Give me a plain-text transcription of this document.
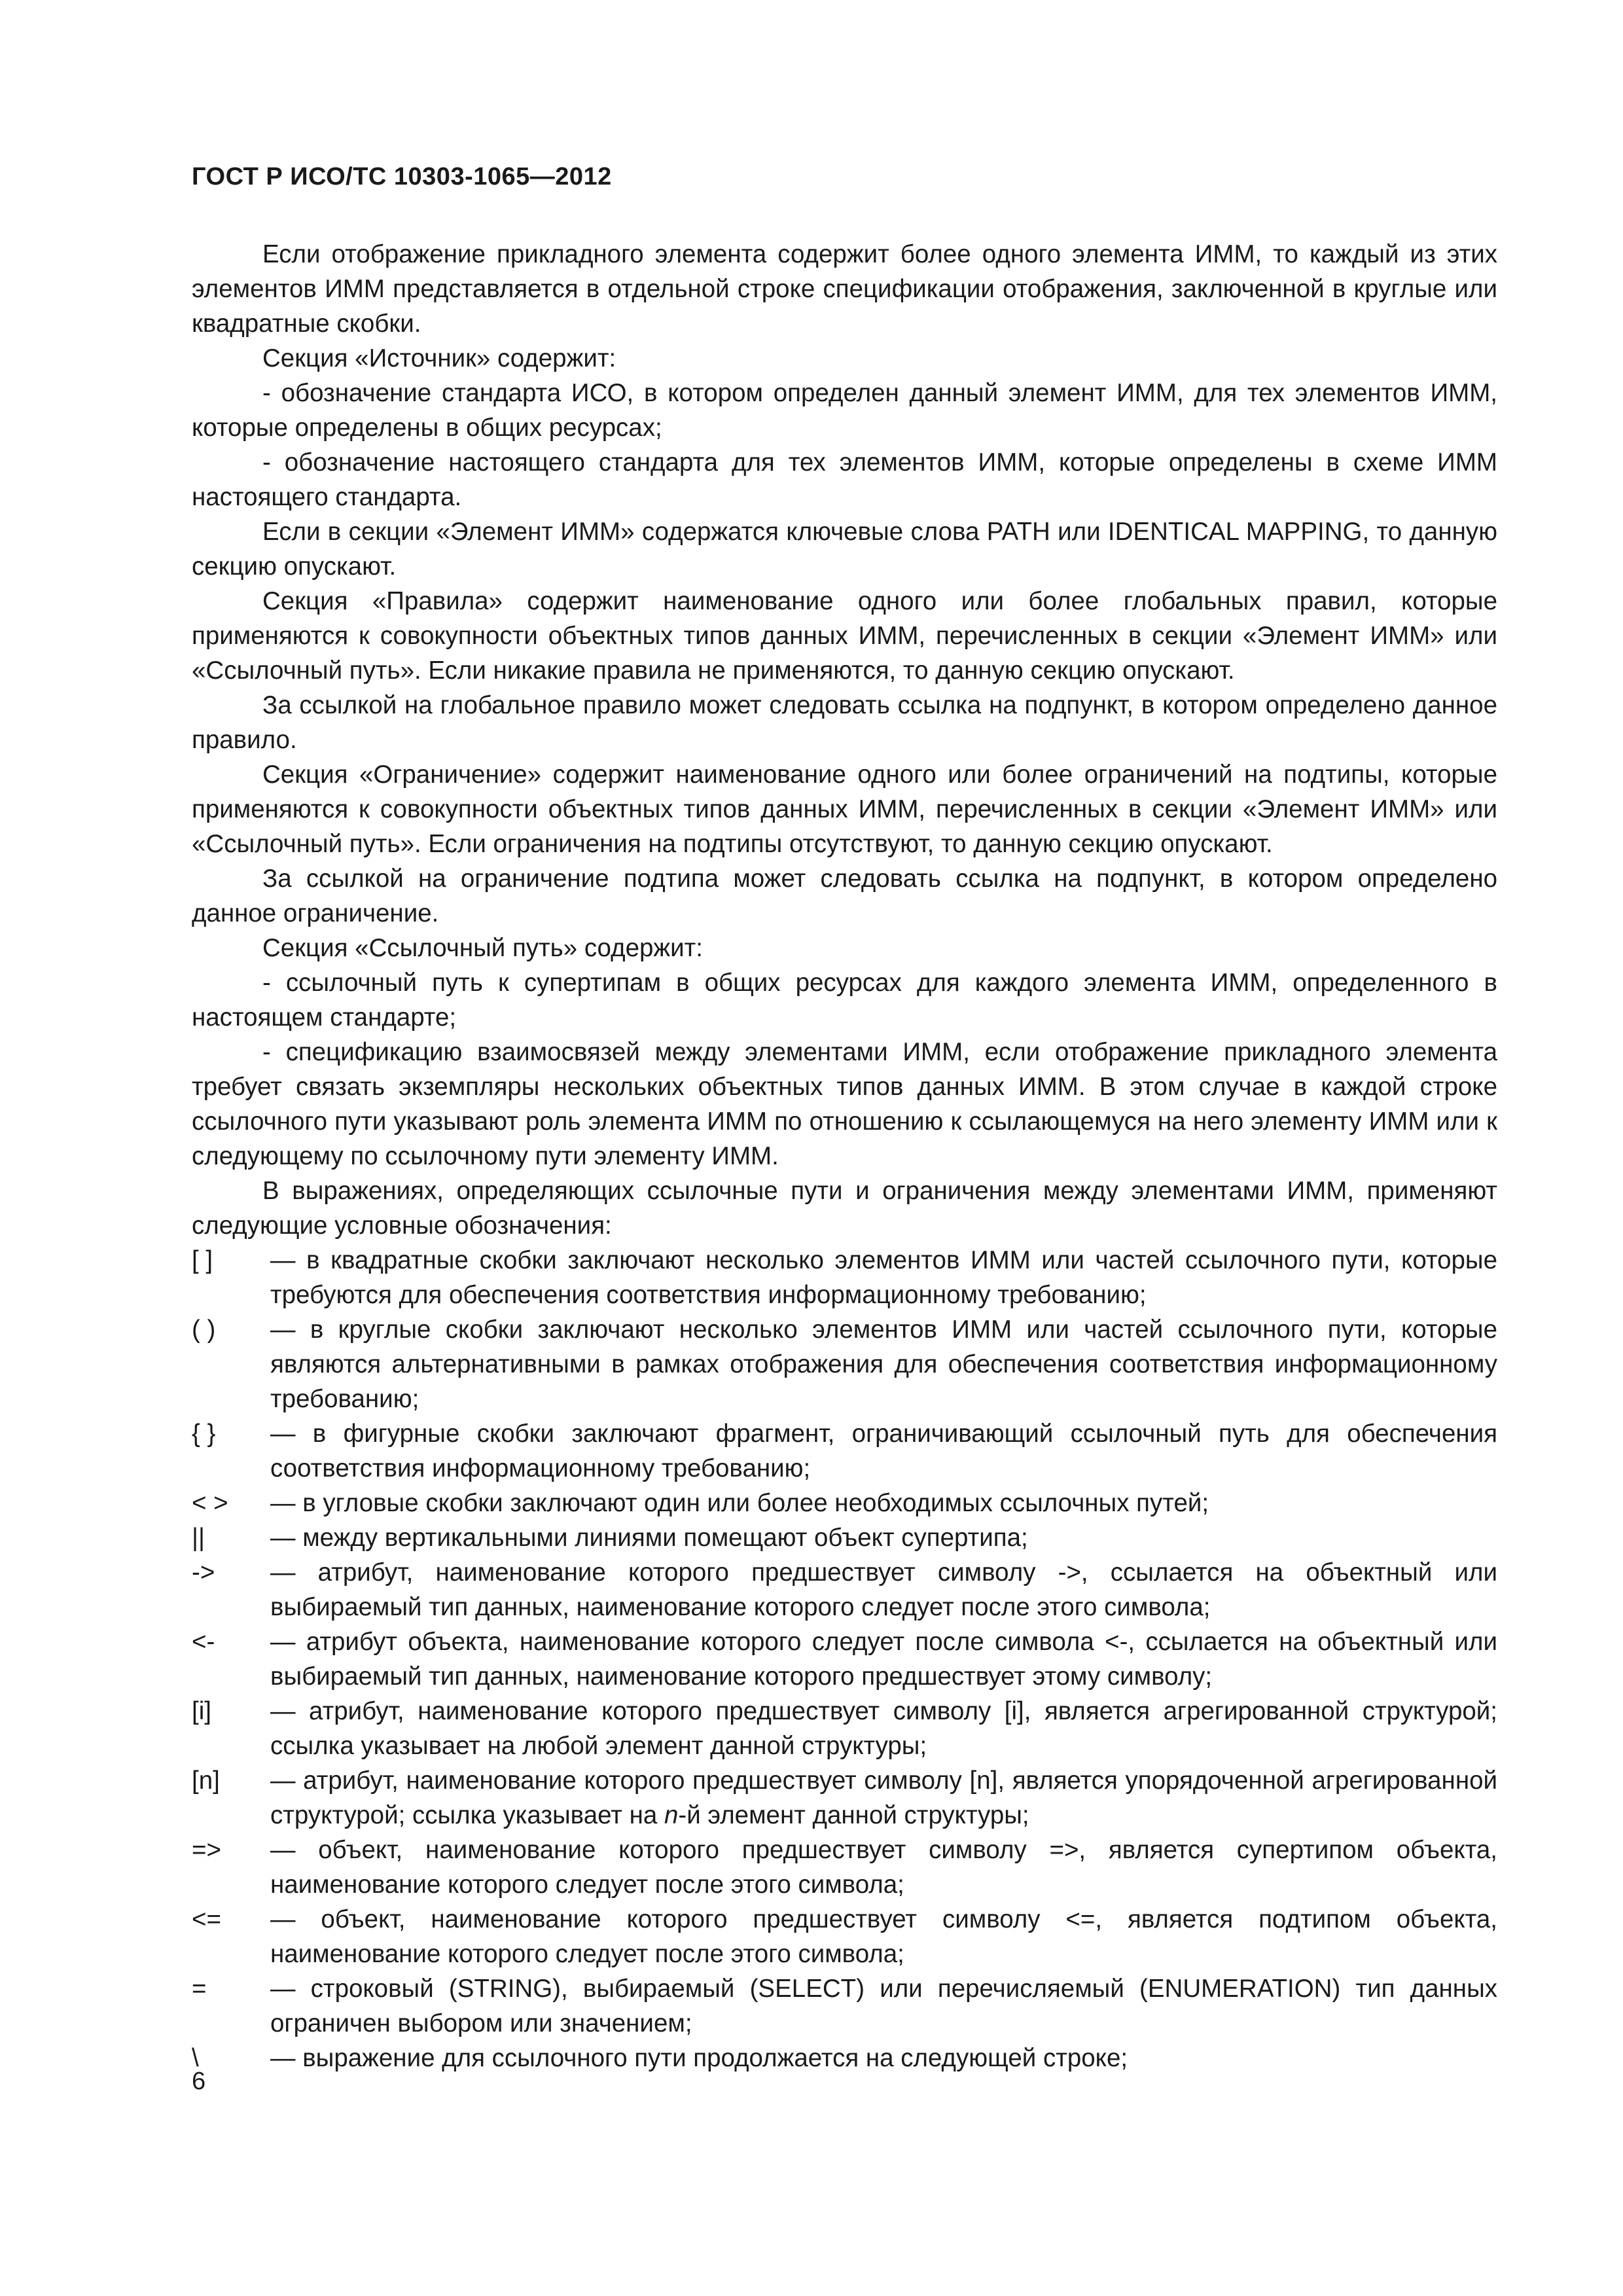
ГОСТ Р ИСО/ТС 10303-1065—2012

Если отображение прикладного элемента содержит более одного элемента ИММ, то каждый из этих элементов ИММ представляется в отдельной строке спецификации отображения, заключенной в круглые или квадратные скобки.

Секция «Источник» содержит:

- обозначение стандарта ИСО, в котором определен данный элемент ИММ, для тех элементов ИММ, которые определены в общих ресурсах;

- обозначение настоящего стандарта для тех элементов ИММ, которые определены в схеме ИММ настоящего стандарта.

Если в секции «Элемент ИММ» содержатся ключевые слова PATH или IDENTICAL MAPPING, то данную секцию опускают.

Секция «Правила» содержит наименование одного или более глобальных правил, которые применяются к совокупности объектных типов данных ИММ, перечисленных в секции «Элемент ИММ» или «Ссылочный путь». Если никакие правила не применяются, то данную секцию опускают.

За ссылкой на глобальное правило может следовать ссылка на подпункт, в котором определено данное правило.

Секция «Ограничение» содержит наименование одного или более ограничений на подтипы, которые применяются к совокупности объектных типов данных ИММ, перечисленных в секции «Элемент ИММ» или «Ссылочный путь». Если ограничения на подтипы отсутствуют, то данную секцию опускают.

За ссылкой на ограничение подтипа может следовать ссылка на подпункт, в котором определено данное ограничение.

Секция «Ссылочный путь» содержит:

- ссылочный путь к супертипам в общих ресурсах для каждого элемента ИММ, определенного в настоящем стандарте;

- спецификацию взаимосвязей между элементами ИММ, если отображение прикладного элемента требует связать экземпляры нескольких объектных типов данных ИММ. В этом случае в каждой строке ссылочного пути указывают роль элемента ИММ по отношению к ссылающемуся на него элементу ИММ или к следующему по ссылочному пути элементу ИММ.

В выражениях, определяющих ссылочные пути и ограничения между элементами ИММ, применяют следующие условные обозначения:

[ ]	— в квадратные скобки заключают несколько элементов ИММ или частей ссылочного пути, которые требуются для обеспечения соответствия информационному требованию;
( )	— в круглые скобки заключают несколько элементов ИММ или частей ссылочного пути, которые являются альтернативными в рамках отображения для обеспечения соответствия информационному требованию;
{ }	— в фигурные скобки заключают фрагмент, ограничивающий ссылочный путь для обеспечения соответствия информационному требованию;
< >	— в угловые скобки заключают один или более необходимых ссылочных путей;
||	— между вертикальными линиями помещают объект супертипа;
->	— атрибут, наименование которого предшествует символу ->, ссылается на объектный или выбираемый тип данных, наименование которого следует после этого символа;
<-	— атрибут объекта, наименование которого следует после символа <-, ссылается на объектный или выбираемый тип данных, наименование которого предшествует этому символу;
[i]	— атрибут, наименование которого предшествует символу [i], является агрегированной структурой; ссылка указывает на любой элемент данной структуры;
[n]	— атрибут, наименование которого предшествует символу [n], является упорядоченной агрегированной структурой; ссылка указывает на n-й элемент данной структуры;
=>	— объект, наименование которого предшествует символу =>, является супертипом объекта, наименование которого следует после этого символа;
<=	— объект, наименование которого предшествует символу <=, является подтипом объекта, наименование которого следует после этого символа;
=	— строковый (STRING), выбираемый (SELECT) или перечисляемый (ENUMERATION) тип данных ограничен выбором или значением;
\	— выражение для ссылочного пути продолжается на следующей строке;

6
